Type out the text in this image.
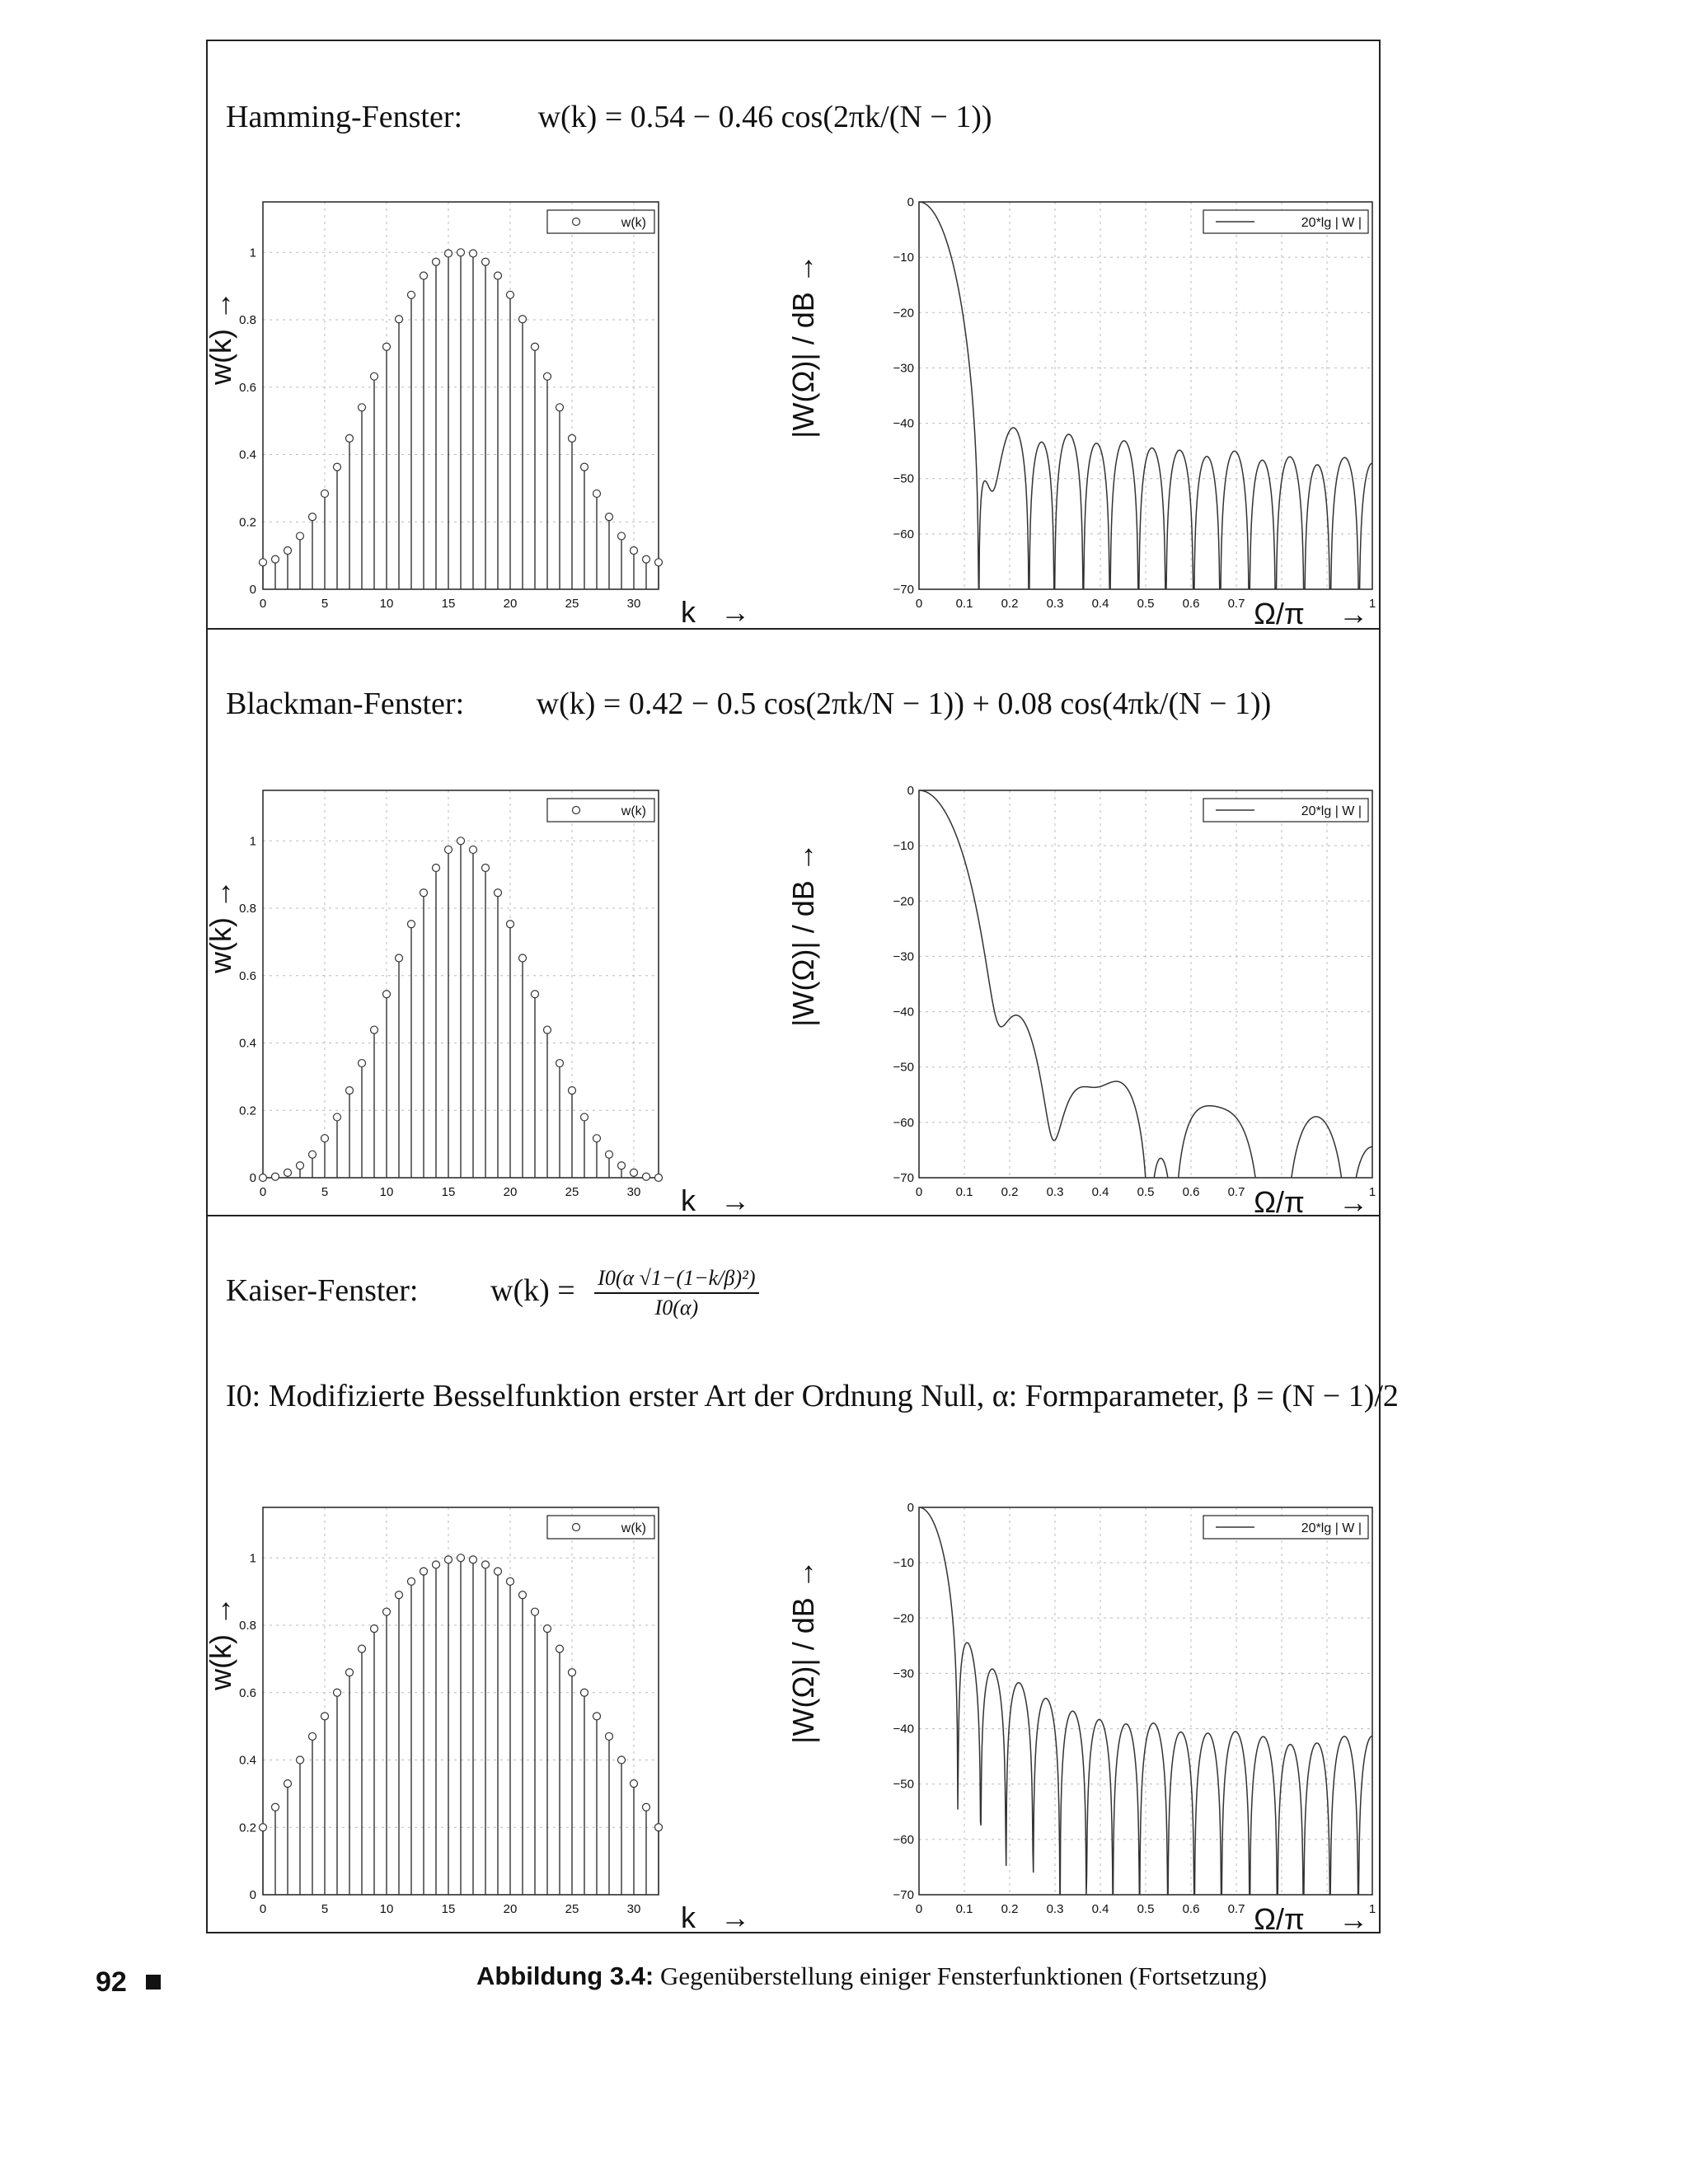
Hamming-Fenster: w(k) = 0.54 − 0.46 cos(2πk/(N − 1))
0	5	10	15	20	25	30
0
0.2
0.4
0.6
0.8
1
w(k)
w(k) →
k →	0	0.1 0.2 0.3 0.4 0.5 0.6 0.7	1
0
−10
−20
−30
−40
−50
−60
−70
20*lg | W |
|W(Ω)| / dB →
Ω/π →
Blackman-Fenster: w(k) = 0.42 − 0.5 cos(2πk/N − 1)) + 0.08 cos(4πk/(N − 1))
0	5	10	15	20	25	30
0
0.2
0.4
0.6
0.8
1
w(k)
w(k) →
k →	0	0.1 0.2 0.3 0.4 0.5 0.6 0.7	1
0
−10
−20
−30
−40
−50
−60
−70
20*lg | W |
|W(Ω)| / dB →
Ω/π →
Kaiser-Fenster: $w(k) = \frac{\text{I0(α √1−(1−k/β)²)}}{I0(\alpha)}$
I0: Modifizierte Besselfunktion erster Art der Ordnung Null, α: Formparameter, β = (N − 1)/2
0	5	10	15	20	25	30
0
0.2
0.4
0.6
0.8
1
w(k)
w(k) →
k →	0	0.1 0.2 0.3 0.4 0.5 0.6 0.7	1
0
−10
−20
−30
−40
−50
−60
−70
20*lg | W |
|W(Ω)| / dB →
Ω/π →
92	Abbildung 3.4: Gegenüberstellung einiger Fensterfunktionen (Fortsetzung)
